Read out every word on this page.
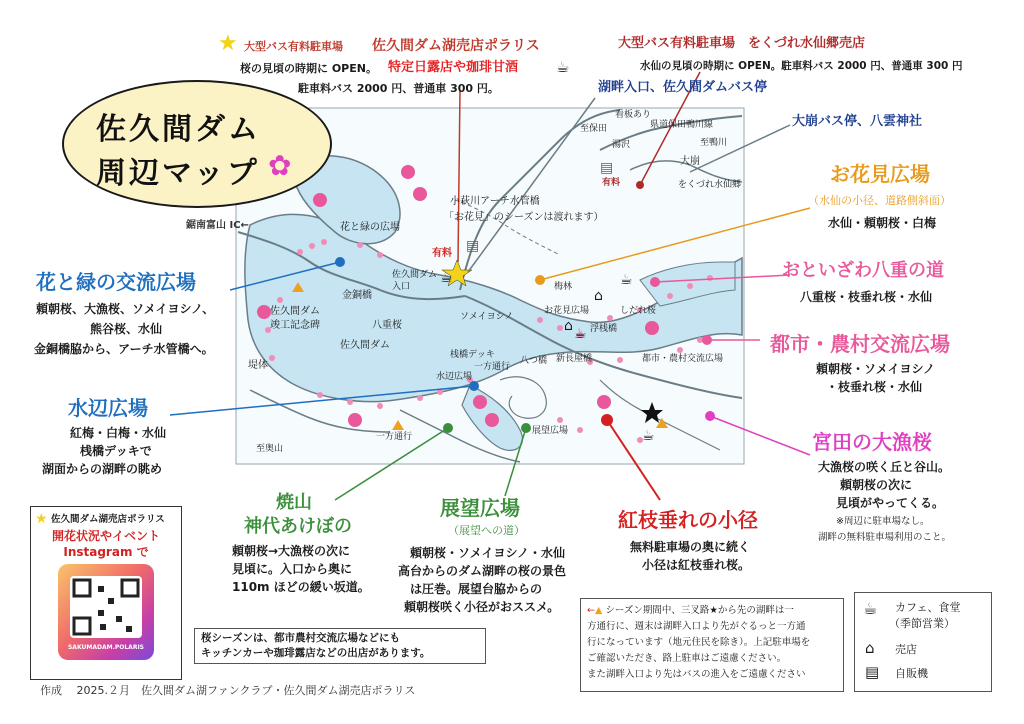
佐久間ダム
周辺マップ ✿
★ 大型バス有料駐車場 佐久間ダム湖売店ポラリス
桜の見頃の時期に OPEN。 特定日露店や珈琲甘酒	☕
駐車料バス 2000 円、普通車 300 円。
大型バス有料駐車場　をくづれ水仙郷売店
水仙の見頃の時期に OPEN。駐車料バス 2000 円、普通車 300 円
湖畔入口、佐久間ダムバス停
大崩バス停、八雲神社
お花見広場
（水仙の小径、道路側斜面）
水仙・頼朝桜・白梅
おといざわ八重の道
八重桜・枝垂れ桜・水仙
都市・農村交流広場
頼朝桜・ソメイヨシノ
・枝垂れ桜・水仙
宮田の大漁桜
大漁桜の咲く丘と谷山。
頼朝桜の次に
見頃がやってくる。
※周辺に駐車場なし。
湖畔の無料駐車場利用のこと。
花と緑の交流広場
頼朝桜、大漁桜、ソメイヨシノ、
熊谷桜、水仙
金銅橋脇から、アーチ水管橋へ。
水辺広場
紅梅・白梅・水仙
桟橋デッキで
湖面からの湖畔の眺め
焼山
神代あけぼの
頼朝桜→大漁桜の次に
見頃に。入口から奥に
110m ほどの緩い坂道。
展望広場
（展望への道）
頼朝桜・ソメイヨシノ・水仙
高台からのダム湖畔の桜の景色
は圧巻。展望台脇からの
頼朝桜咲く小径がおススメ。
紅枝垂れの小径
無料駐車場の奥に続く
小径は紅枝垂れ桜。
★ 佐久間ダム湖売店ポラリス
開花状況やイベント
Instagram で
SAKUMADAM.POLARIS
桜シーズンは、都市農村交流広場などにも
キッチンカーや珈琲露店などの出店があります。
←▲ シーズン期間中、三叉路★から先の湖畔は一
方通行に、週末は湖畔入口より先がぐるっと一方通
行になっています（地元住民を除き）。上記駐車場を
ご確認いただき、路上駐車はご遠慮ください。
また湖畔入口より先はバスの進入をご遠慮ください
☕ カフェ、食堂
（季節営業）
⌂ 売店
▤ 自販機
作成　 2025.２月　佐久間ダム湖ファンクラブ・佐久間ダム湖売店ポラリス
看板あり
至保田	県道保田鴨川線
湯沢	至鴨川
大崩
をくづれ水仙郷
有料
小萩川アーチ水管橋
「お花見」のシーズンは渡れます）
鋸南富山 IC←	花と緑の広場
有料
佐久間ダム
入口
金銅橋
佐久間ダム
竣工記念碑	八重桜
佐久間ダム
堤体
水辺広場
一方通行
一方通行
展望広場
至奥山
梅林
お花見広場	しだれ桜
ソメイヨシノ
浮桟橋
桟橋デッキ
八つ橋 新長屋橋	都市・農村交流広場
☕	☕
☕
☕
⌂
⌂
▤
▤
